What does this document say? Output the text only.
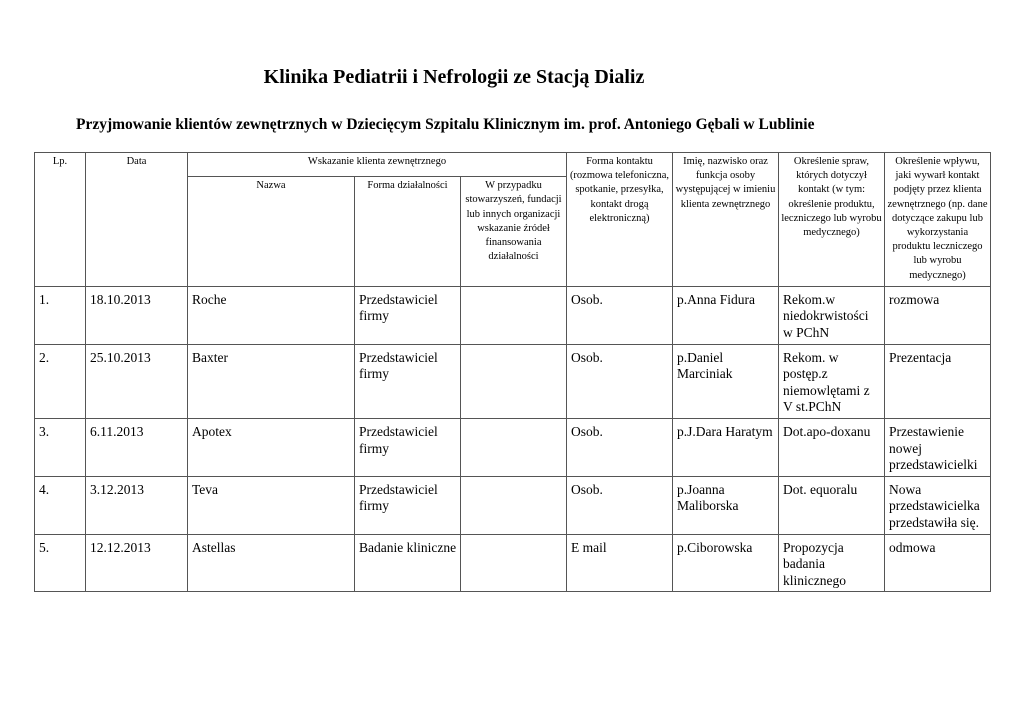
Klinika Pediatrii i Nefrologii ze Stacją Dializ
Przyjmowanie klientów zewnętrznych w Dziecięcym Szpitalu Klinicznym im. prof. Antoniego Gębali w Lublinie
Lp.	Data	Wskazanie klienta zewnętrznego			Forma kontaktu (rozmowa telefoniczna, spotkanie, przesyłka, kontakt drogą elektroniczną)	Imię, nazwisko oraz funkcja osoby występującej w imieniu klienta zewnętrznego	Określenie spraw, których dotyczył kontakt (w tym: określenie produktu, leczniczego lub wyrobu medycznego)	Określenie wpływu, jaki wywarł kontakt podjęty przez klienta zewnętrznego (np. dane dotyczące zakupu lub wykorzystania produktu leczniczego lub wyrobu medycznego)
		Nazwa	Forma działalności	W przypadku stowarzyszeń, fundacji lub innych organizacji wskazanie źródeł finansowania działalności				
1.	18.10.2013	Roche	Przedstawiciel firmy		Osob.	p.Anna Fidura	Rekom.w niedokrwistości w PChN	rozmowa
2.	25.10.2013	Baxter	Przedstawiciel firmy		Osob.	p.Daniel Marciniak	Rekom. w postęp.z niemowlętami z V st.PChN	Prezentacja
3.	6.11.2013	Apotex	Przedstawiciel firmy		Osob.	p.J.Dara Haratym	Dot.apo-doxanu	Przestawienie nowej przedstawicielki
4.	3.12.2013	Teva	Przedstawiciel firmy		Osob.	p.Joanna Maliborska	Dot. equoralu	Nowa przedstawicielka przedstawiła się.
5.	12.12.2013	Astellas	Badanie kliniczne		E mail	p.Ciborowska	Propozycja badania klinicznego	odmowa
